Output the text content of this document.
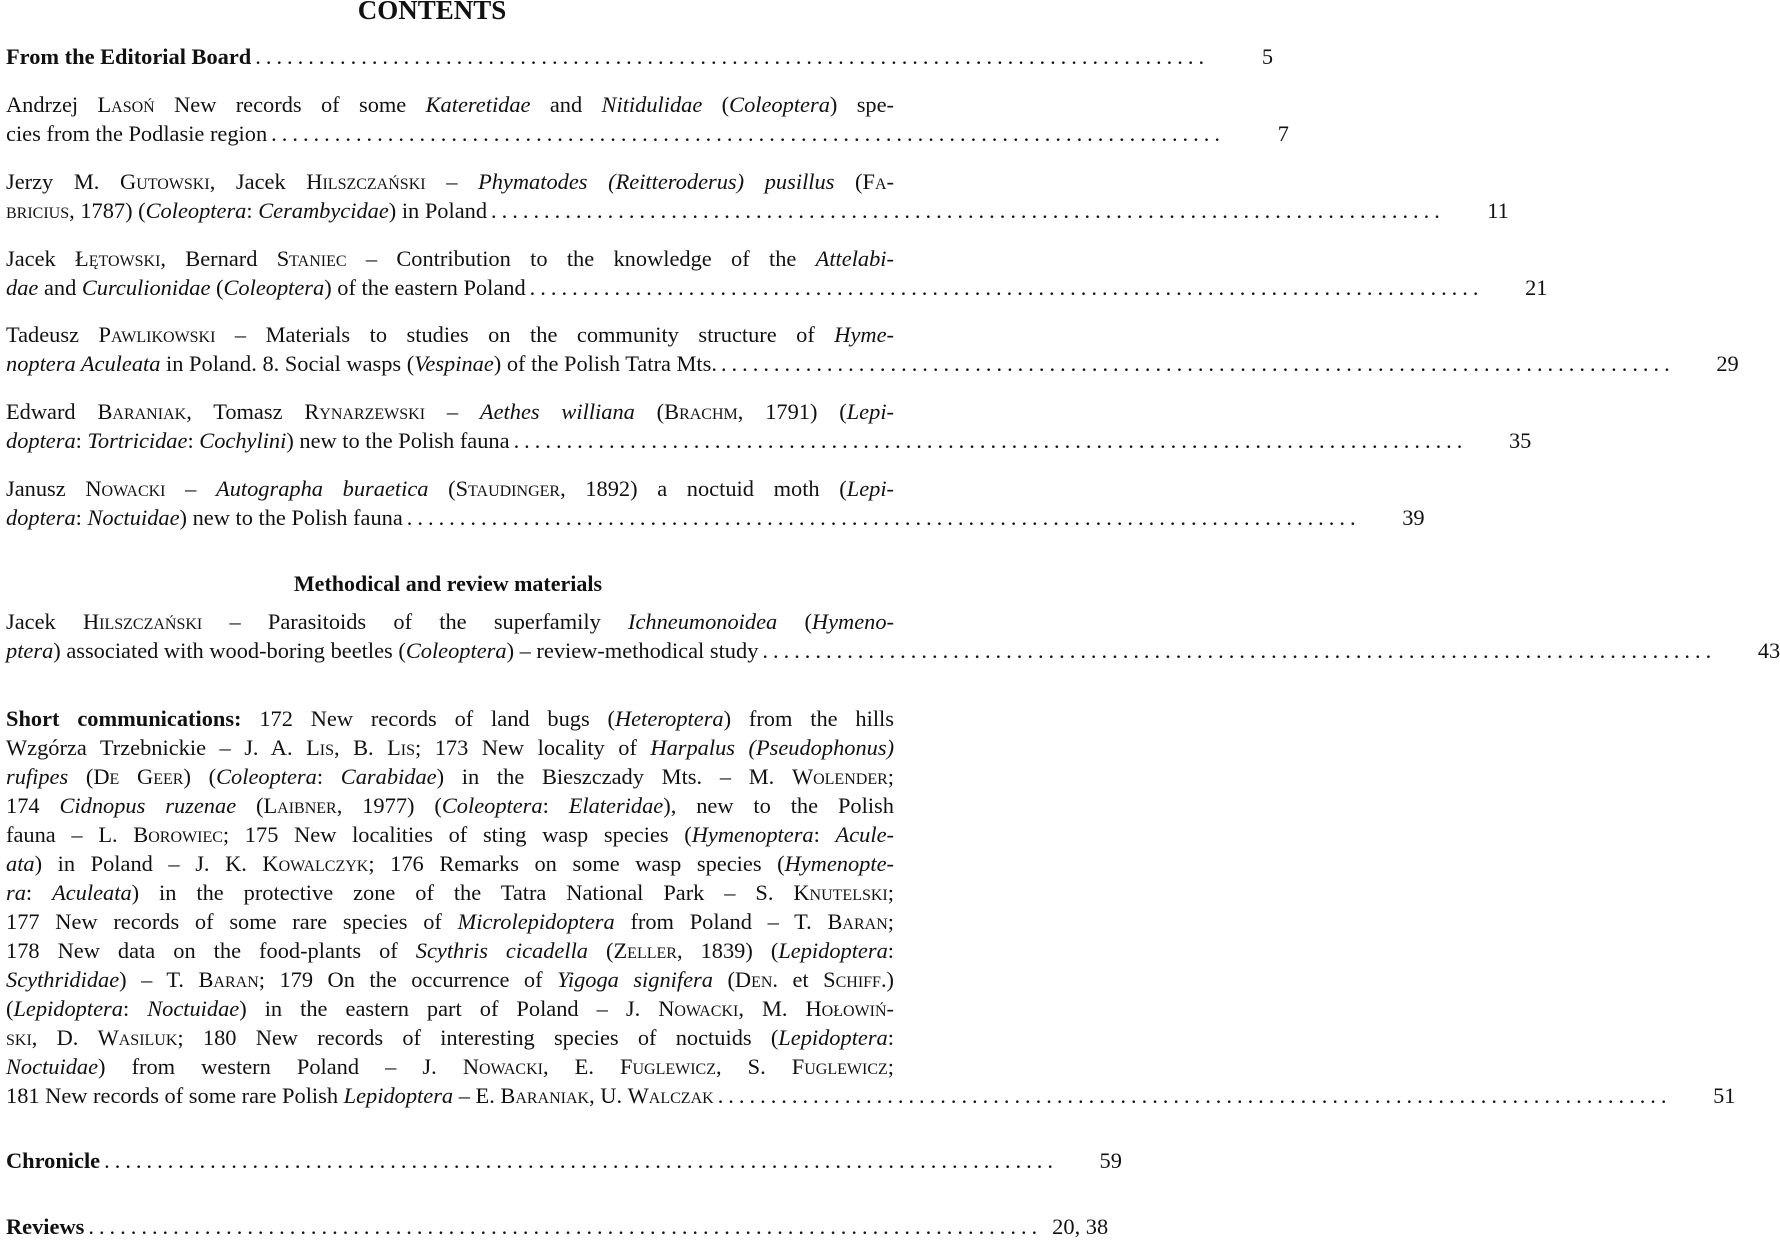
CONTENTS
From the Editorial Board ..........................................................................................	5
Andrzej Lasoń New records of some Kateretidae and Nitidulidae (Coleoptera) spe-
cies from the Podlasie region ..........................................................................................	7
Jerzy M. Gutowski, Jacek Hilszczański – Phymatodes (Reitteroderus) pusillus (Fa-
bricius, 1787) (Coleoptera: Cerambycidae) in Poland ..........................................................................................	11
Jacek Łętowski, Bernard Staniec – Contribution to the knowledge of the Attelabi-
dae and Curculionidae (Coleoptera) of the eastern Poland ..........................................................................................	21
Tadeusz Pawlikowski – Materials to studies on the community structure of Hyme-
noptera Aculeata in Poland. 8. Social wasps (Vespinae) of the Polish Tatra Mts. ..........................................................................................	29
Edward Baraniak, Tomasz Rynarzewski – Aethes williana (Brachm, 1791) (Lepi-
doptera: Tortricidae: Cochylini) new to the Polish fauna ..........................................................................................	35
Janusz Nowacki – Autographa buraetica (Staudinger, 1892) a noctuid moth (Lepi-
doptera: Noctuidae) new to the Polish fauna ..........................................................................................	39
Methodical and review materials
Jacek Hilszczański – Parasitoids of the superfamily Ichneumonoidea (Hymeno-
ptera) associated with wood-boring beetles (Coleoptera) – review-methodical study ..........................................................................................	43
Short communications: 172 New records of land bugs (Heteroptera) from the hills
Wzgórza Trzebnickie – J. A. Lis, B. Lis; 173 New locality of Harpalus (Pseudophonus)
rufipes (De Geer) (Coleoptera: Carabidae) in the Bieszczady Mts. – M. Wolender;
174 Cidnopus ruzenae (Laibner, 1977) (Coleoptera: Elateridae), new to the Polish
fauna – L. Borowiec; 175 New localities of sting wasp species (Hymenoptera: Acule-
ata) in Poland – J. K. Kowalczyk; 176 Remarks on some wasp species (Hymenopte-
ra: Aculeata) in the protective zone of the Tatra National Park – S. Knutelski;
177 New records of some rare species of Microlepidoptera from Poland – T. Baran;
178 New data on the food-plants of Scythris cicadella (Zeller, 1839) (Lepidoptera:
Scythrididae) – T. Baran; 179 On the occurrence of Yigoga signifera (Den. et Schiff.)
(Lepidoptera: Noctuidae) in the eastern part of Poland – J. Nowacki, M. Hołowiń-
ski, D. Wasiluk; 180 New records of interesting species of noctuids (Lepidoptera:
Noctuidae) from western Poland – J. Nowacki, E. Fuglewicz, S. Fuglewicz;
181 New records of some rare Polish Lepidoptera – E. Baraniak, U. Walczak ..........................................................................................	51
Chronicle ..........................................................................................	59
Reviews .......................................................................................... 20, 38
